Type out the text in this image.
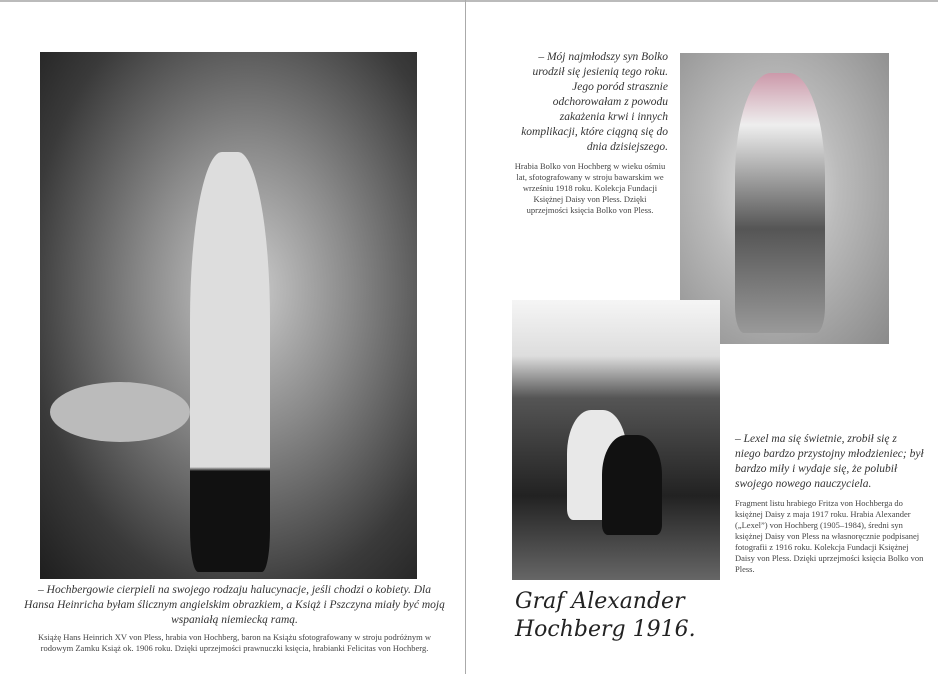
– Hochbergowie cierpieli na swojego rodzaju halucynacje, jeśli chodzi o kobiety. Dla Hansa Heinricha byłam ślicznym angielskim obrazkiem, a Książ i Pszczyna miały być moją wspaniałą niemiecką ramą.
Książę Hans Heinrich XV von Pless, hrabia von Hochberg, baron na Książu sfotografowany w stroju podróżnym w rodowym Zamku Książ ok. 1906 roku. Dzięki uprzejmości prawnuczki księcia, hrabianki Felicitas von Hochberg.
– Mój najmłodszy syn Bolko urodził się jesienią tego roku. Jego poród strasznie odchorowałam z powodu zakażenia krwi i innych komplikacji, które ciągną się do dnia dzisiejszego.
Hrabia Bolko von Hochberg w wieku ośmiu lat, sfotografowany w stroju bawarskim we wrześniu 1918 roku. Kolekcja Fundacji Księżnej Daisy von Pless. Dzięki uprzejmości księcia Bolko von Pless.
Graf Alexander Hochberg 1916.
– Lexel ma się świetnie, zrobił się z niego bardzo przystojny młodzieniec; był bardzo miły i wydaje się, że polubił swojego nowego nauczyciela.
Fragment listu hrabiego Fritza von Hochberga do księżnej Daisy z maja 1917 roku. Hrabia Alexander („Lexel”) von Hochberg (1905–1984), średni syn księżnej Daisy von Pless na własnoręcznie podpisanej fotografii z 1916 roku. Kolekcja Fundacji Księżnej Daisy von Pless. Dzięki uprzejmości księcia Bolko von Pless.
